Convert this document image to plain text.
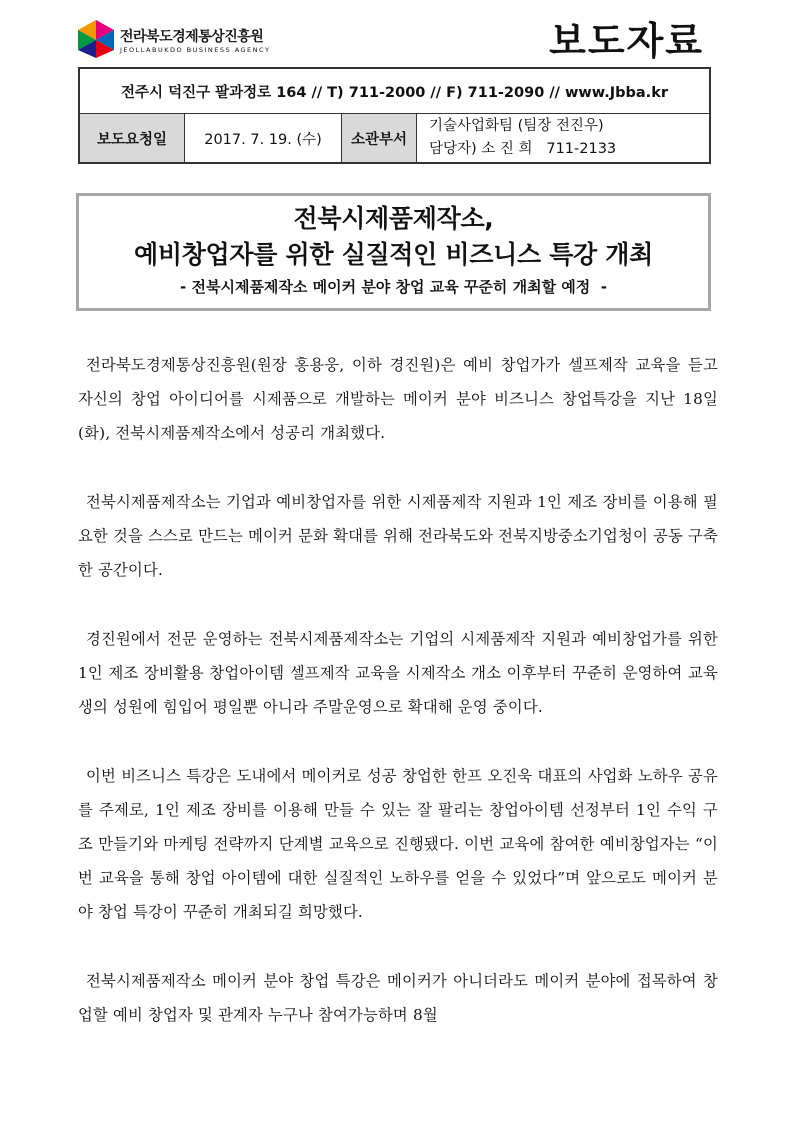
전라북도경제통상진흥원
JEOLLABUKDO BUSINESS AGENCY	보도자료
전주시 덕진구 팔과정로 164 // T) 711-2000 // F) 711-2090 // www.Jbba.kr
보도요청일	2017. 7. 19. (수)	소관부서
기술사업화팀 (팀장 전진우)
담당자) 소 진 희   711-2133
전북시제품제작소,
예비창업자를 위한 실질적인 비즈니스 특강 개최
- 전북시제품제작소 메이커 분야 창업 교육 꾸준히 개최할 예정  -

전라북도경제통상진흥원(원장 홍용웅, 이하 경진원)은 예비 창업가가 셀프제작 교육을 듣고 자신의 창업 아이디어를 시제품으로 개발하는 메이커 분야 비즈니스 창업특강을 지난 18일(화), 전북시제품제작소에서 성공리 개최했다.

전북시제품제작소는 기업과 예비창업자를 위한 시제품제작 지원과 1인 제조 장비를 이용해 필요한 것을 스스로 만드는 메이커 문화 확대를 위해 전라북도와 전북지방중소기업청이 공동 구축한 공간이다.

경진원에서 전문 운영하는 전북시제품제작소는 기업의 시제품제작 지원과 예비창업가를 위한 1인 제조 장비활용 창업아이템 셀프제작 교육을 시제작소 개소 이후부터 꾸준히 운영하여 교육생의 성원에 힘입어 평일뿐 아니라 주말운영으로 확대해 운영 중이다.

이번 비즈니스 특강은 도내에서 메이커로 성공 창업한 한프 오진욱 대표의 사업화 노하우 공유를 주제로, 1인 제조 장비를 이용해 만들 수 있는 잘 팔리는 창업아이템 선정부터 1인 수익 구조 만들기와 마케팅 전략까지 단계별 교육으로 진행됐다. 이번 교육에 참여한 예비창업자는 “이번 교육을 통해 창업 아이템에 대한 실질적인 노하우를 얻을 수 있었다”며 앞으로도 메이커 분야 창업 특강이 꾸준히 개최되길 희망했다.

전북시제품제작소 메이커 분야 창업 특강은 메이커가 아니더라도 메이커 분야에 접목하여 창업할 예비 창업자 및 관계자 누구나 참여가능하며 8월
